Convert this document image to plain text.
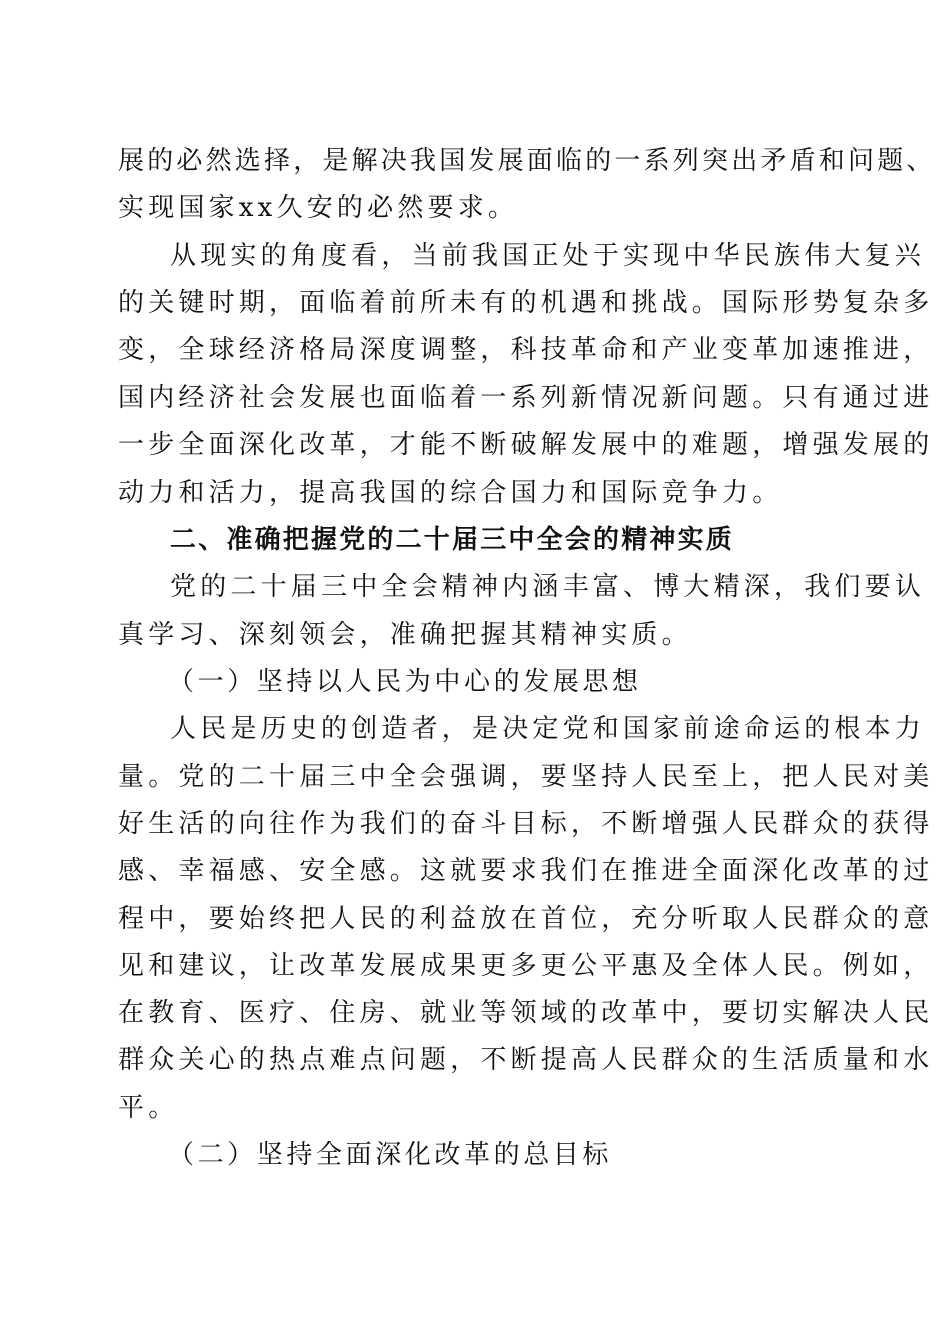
展的必然选择，是解决我国发展面临的一系列突出矛盾和问题、
实现国家xx久安的必然要求。
从现实的角度看，当前我国正处于实现中华民族伟大复兴
的关键时期，面临着前所未有的机遇和挑战。国际形势复杂多
变，全球经济格局深度调整，科技革命和产业变革加速推进，
国内经济社会发展也面临着一系列新情况新问题。只有通过进
一步全面深化改革，才能不断破解发展中的难题，增强发展的
动力和活力，提高我国的综合国力和国际竞争力。
二、准确把握党的二十届三中全会的精神实质
党的二十届三中全会精神内涵丰富、博大精深，我们要认
真学习、深刻领会，准确把握其精神实质。
（一）坚持以人民为中心的发展思想
人民是历史的创造者，是决定党和国家前途命运的根本力
量。党的二十届三中全会强调，要坚持人民至上，把人民对美
好生活的向往作为我们的奋斗目标，不断增强人民群众的获得
感、幸福感、安全感。这就要求我们在推进全面深化改革的过
程中，要始终把人民的利益放在首位，充分听取人民群众的意
见和建议，让改革发展成果更多更公平惠及全体人民。例如，
在教育、医疗、住房、就业等领域的改革中，要切实解决人民
群众关心的热点难点问题，不断提高人民群众的生活质量和水
平。
（二）坚持全面深化改革的总目标
